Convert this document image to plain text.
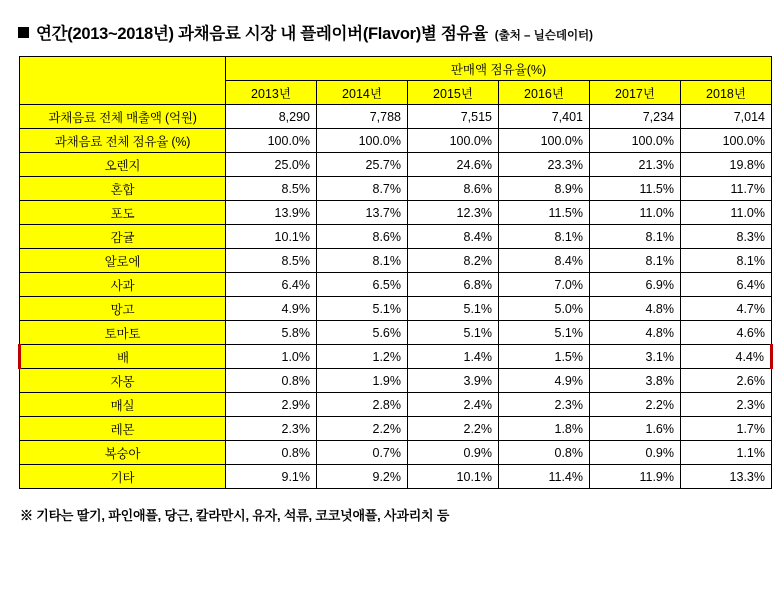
연간(2013~2018년) 과채음료 시장 내 플레이버(Flavor)별 점유율 (출처 – 닐슨데이터)
	판매액 점유율(%)					
	2013년	2014년	2015년	2016년	2017년	2018년
과채음료 전체 매출액 (억원)	8,290	7,788	7,515	7,401	7,234	7,014
과채음료 전체 점유율 (%)	100.0%	100.0%	100.0%	100.0%	100.0%	100.0%
오렌지	25.0%	25.7%	24.6%	23.3%	21.3%	19.8%
혼합	8.5%	8.7%	8.6%	8.9%	11.5%	11.7%
포도	13.9%	13.7%	12.3%	11.5%	11.0%	11.0%
감귤	10.1%	8.6%	8.4%	8.1%	8.1%	8.3%
알로에	8.5%	8.1%	8.2%	8.4%	8.1%	8.1%
사과	6.4%	6.5%	6.8%	7.0%	6.9%	6.4%
망고	4.9%	5.1%	5.1%	5.0%	4.8%	4.7%
토마토	5.8%	5.6%	5.1%	5.1%	4.8%	4.6%
배	1.0%	1.2%	1.4%	1.5%	3.1%	4.4%
자몽	0.8%	1.9%	3.9%	4.9%	3.8%	2.6%
매실	2.9%	2.8%	2.4%	2.3%	2.2%	2.3%
레몬	2.3%	2.2%	2.2%	1.8%	1.6%	1.7%
복숭아	0.8%	0.7%	0.9%	0.8%	0.9%	1.1%
기타	9.1%	9.2%	10.1%	11.4%	11.9%	13.3%
※ 기타는 딸기, 파인애플, 당근, 칼라만시, 유자, 석류, 코코넛애플, 사과리치 등
